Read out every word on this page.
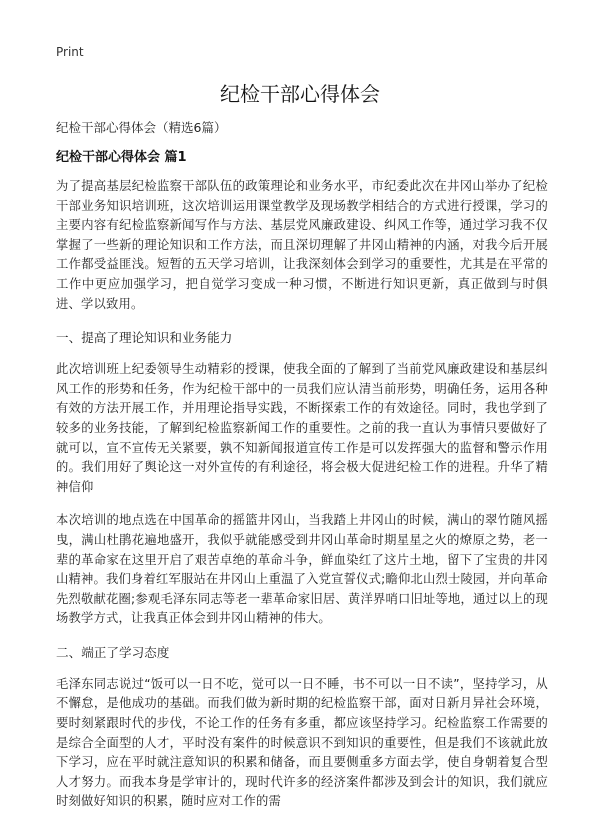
Print
纪检干部心得体会
纪检干部心得体会（精选6篇）
纪检干部心得体会 篇1

为了提高基层纪检监察干部队伍的政策理论和业务水平，市纪委此次在井冈山举办了纪检干部业务知识培训班，这次培训运用课堂教学及现场教学相结合的方式进行授课，学习的主要内容有纪检监察新闻写作与方法、基层党风廉政建设、纠风工作等，通过学习我不仅掌握了一些新的理论知识和工作方法，而且深切理解了井冈山精神的内涵，对我今后开展工作都受益匪浅。短暂的五天学习培训，让我深刻体会到学习的重要性，尤其是在平常的工作中更应加强学习，把自觉学习变成一种习惯，不断进行知识更新，真正做到与时俱进、学以致用。

一、提高了理论知识和业务能力

此次培训班上纪委领导生动精彩的授课，使我全面的了解到了当前党风廉政建设和基层纠风工作的形势和任务，作为纪检干部中的一员我们应认清当前形势，明确任务，运用各种有效的方法开展工作，并用理论指导实践，不断探索工作的有效途径。同时，我也学到了较多的业务技能，了解到纪检监察新闻工作的重要性。之前的我一直认为事情只要做好了就可以，宣不宣传无关紧要，孰不知新闻报道宣传工作是可以发挥强大的监督和警示作用的。我们用好了舆论这一对外宣传的有利途径，将会极大促进纪检工作的进程。升华了精神信仰

本次培训的地点选在中国革命的摇篮井冈山，当我踏上井冈山的时候，满山的翠竹随风摇曳，满山杜鹃花遍地盛开，我似乎就能感受到井冈山革命时期星星之火的燎原之势，老一辈的革命家在这里开启了艰苦卓绝的革命斗争，鲜血染红了这片土地，留下了宝贵的井冈山精神。我们身着红军服站在井冈山上重温了入党宣誓仪式;瞻仰北山烈士陵园，并向革命先烈敬献花圈;参观毛泽东同志等老一辈革命家旧居、黄洋界哨口旧址等地，通过以上的现场教学方式，让我真正体会到井冈山精神的伟大。

二、端正了学习态度

毛泽东同志说过“饭可以一日不吃，觉可以一日不睡，书不可以一日不读”，坚持学习，从不懈怠，是他成功的基础。而我们做为新时期的纪检监察干部，面对日新月异社会环境，要时刻紧跟时代的步伐，不论工作的任务有多重，都应该坚持学习。纪检监察工作需要的是综合全面型的人才，平时没有案件的时候意识不到知识的重要性，但是我们不该就此放下学习，应在平时就注意知识的积累和储备，而且要侧重多方面去学，使自身朝着复合型人才努力。而我本身是学审计的，现时代许多的经济案件都涉及到会计的知识，我们就应时刻做好知识的积累，随时应对工作的需
